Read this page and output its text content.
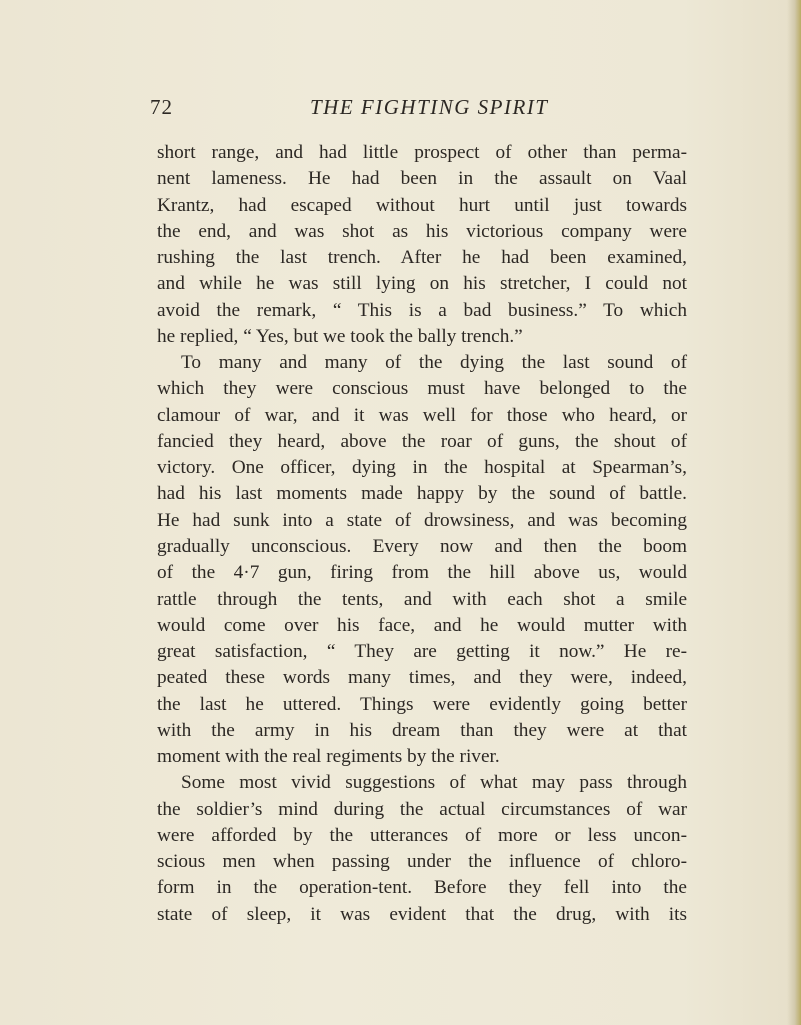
72	THE FIGHTING SPIRIT
short range, and had little prospect of other than perma-
nent lameness. He had been in the assault on Vaal
Krantz, had escaped without hurt until just towards
the end, and was shot as his victorious company were
rushing the last trench. After he had been examined,
and while he was still lying on his stretcher, I could not
avoid the remark, “ This is a bad business.” To which
he replied, “ Yes, but we took the bally trench.”
To many and many of the dying the last sound of
which they were conscious must have belonged to the
clamour of war, and it was well for those who heard, or
fancied they heard, above the roar of guns, the shout of
victory. One officer, dying in the hospital at Spearman’s,
had his last moments made happy by the sound of battle.
He had sunk into a state of drowsiness, and was becoming
gradually unconscious. Every now and then the boom
of the 4·7 gun, firing from the hill above us, would
rattle through the tents, and with each shot a smile
would come over his face, and he would mutter with
great satisfaction, “ They are getting it now.” He re-
peated these words many times, and they were, indeed,
the last he uttered. Things were evidently going better
with the army in his dream than they were at that
moment with the real regiments by the river.
Some most vivid suggestions of what may pass through
the soldier’s mind during the actual circumstances of war
were afforded by the utterances of more or less uncon-
scious men when passing under the influence of chloro-
form in the operation-tent. Before they fell into the
state of sleep, it was evident that the drug, with its
